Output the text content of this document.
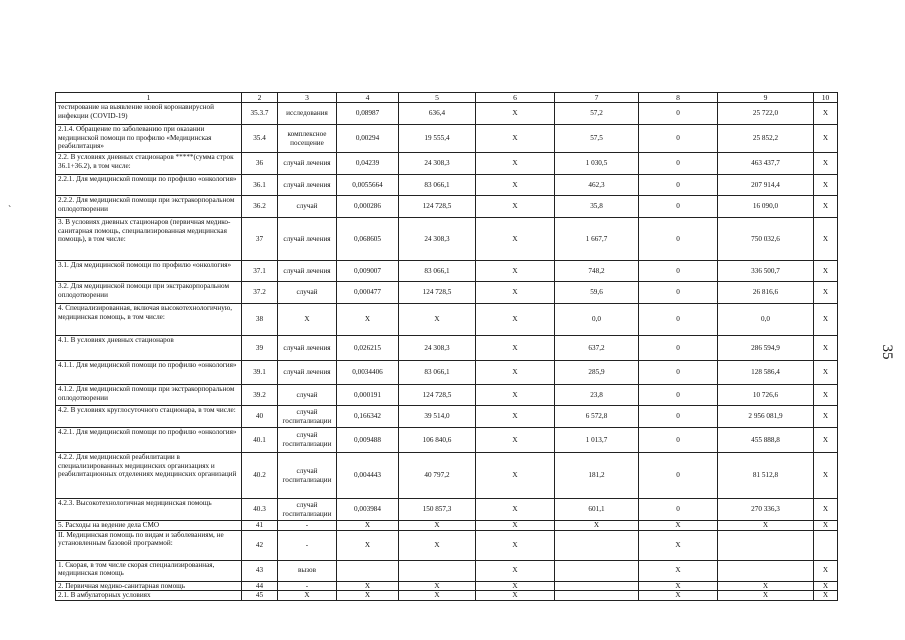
35
`
1	2	3	4	5	6	7	8	9	10
тестирование на выявление новой коронавирусной инфекции (COVID-19)	35.3.7	исследования	0,08987	636,4	X	57,2	0	25 722,0	X
2.1.4. Обращение по заболеванию при оказании медицинской помощи по профилю «Медицинская реабилитация»	35.4	комплексное посещение	0,00294	19 555,4	X	57,5	0	25 852,2	X
2.2. В условиях дневных стационаров *****(сумма строк 36.1+36.2), в том числе:	36	случай лечения	0,04239	24 308,3	X	1 030,5	0	463 437,7	X
2.2.1. Для медицинской помощи по профилю «онкология»	36.1	случай лечения	0,0055664	83 066,1	X	462,3	0	207 914,4	X
2.2.2. Для медицинской помощи при экстракорпоральном оплодотворении	36.2	случай	0,000286	124 728,5	X	35,8	0	16 090,0	X
3. В условиях дневных стационаров (первичная медико-санитарная помощь, специализированная медицинская помощь), в том числе:	37	случай лечения	0,068605	24 308,3	X	1 667,7	0	750 032,6	X
3.1. Для медицинской помощи по профилю «онкология»	37.1	случай лечения	0,009007	83 066,1	X	748,2	0	336 500,7	X
3.2. Для медицинской помощи при экстракорпоральном оплодотворении	37.2	случай	0,000477	124 728,5	X	59,6	0	26 816,6	X
4. Специализированная, включая высокотехнологичную, медицинская помощь, в том числе:	38	X	X	X	X	0,0	0	0,0	X
4.1. В условиях дневных стационаров	39	случай лечения	0,026215	24 308,3	X	637,2	0	286 594,9	X
4.1.1. Для медицинской помощи по профилю «онкология»	39.1	случай лечения	0,0034406	83 066,1	X	285,9	0	128 586,4	X
4.1.2. Для медицинской помощи при экстракорпоральном оплодотворении	39.2	случай	0,000191	124 728,5	X	23,8	0	10 726,6	X
4.2. В условиях круглосуточного стационара, в том числе:	40	случай госпитализации	0,166342	39 514,0	X	6 572,8	0	2 956 081,9	X
4.2.1. Для медицинской помощи по профилю «онкология»	40.1	случай госпитализации	0,009488	106 840,6	X	1 013,7	0	455 888,8	X
4.2.2. Для медицинской реабилитации в специализированных медицинских организациях и реабилитационных отделениях медицинских организаций	40.2	случай госпитализации	0,004443	40 797,2	X	181,2	0	81 512,8	X
4.2.3. Высокотехнологичная медицинская помощь	40.3	случай госпитализации	0,003984	150 857,3	X	601,1	0	270 336,3	X
5. Расходы на ведение дела СМО	41	-	X	X	X	X	X	X	X
II. Медицинская помощь по видам и заболеваниям, не установленным базовой программой:	42	-	X	X	X		X		
1. Скорая, в том числе скорая специализированная, медицинская помощь	43	вызов			X		X		X
2. Первичная медико-санитарная помощь	44	-	X	X	X		X	X	X
2.1. В амбулаторных условиях	45	X	X	X	X		X	X	X
